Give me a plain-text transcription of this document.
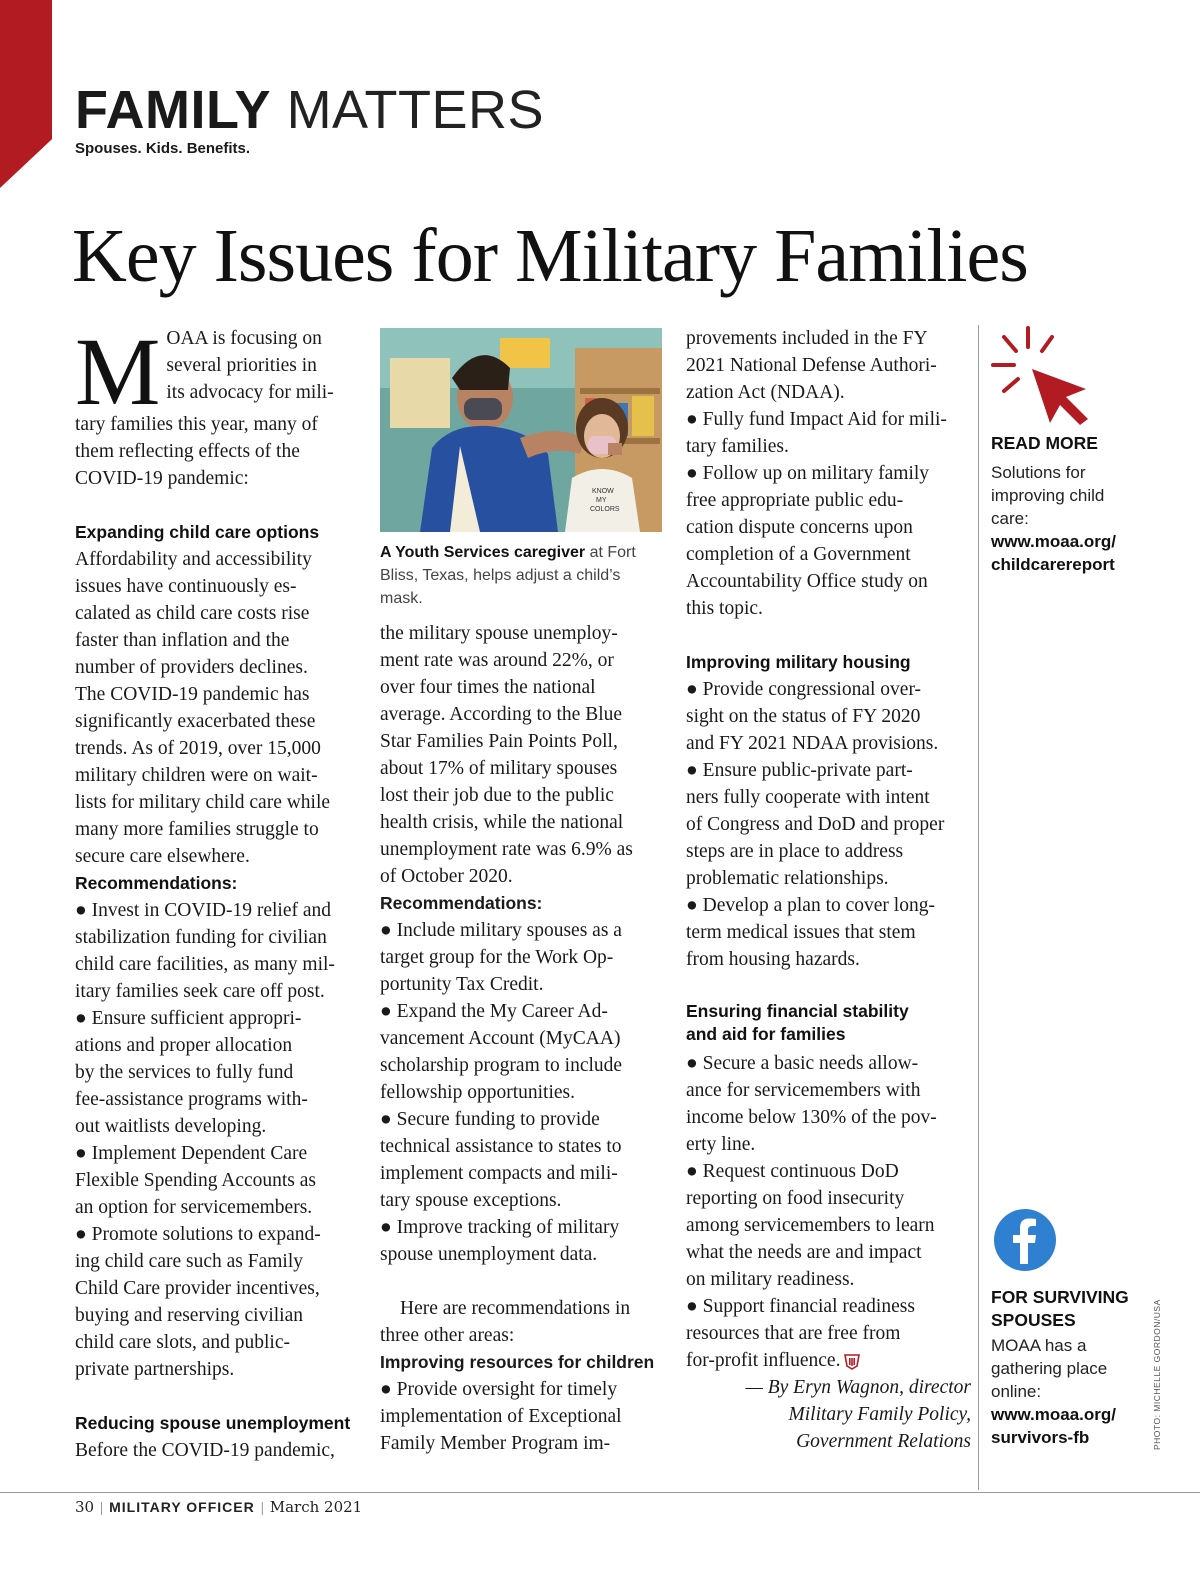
FAMILY MATTERS
Spouses. Kids. Benefits.
Key Issues for Military Families
M OAA is focusing on

several priorities in

its advocacy for mili-

tary families this year, many of

them reflecting effects of the

COVID-19 pandemic:

Expanding child care options

Affordability and accessibility

issues have continuously es-

calated as child care costs rise

faster than inflation and the

number of providers declines.

The COVID-19 pandemic has

significantly exacerbated these

trends. As of 2019, over 15,000

military children were on wait-

lists for military child care while

many more families struggle to

secure care elsewhere.

Recommendations:

● Invest in COVID-19 relief and

stabilization funding for civilian

child care facilities, as many mil-

itary families seek care off post.

● Ensure sufficient appropri-

ations and proper allocation

by the services to fully fund

fee-assistance programs with-

out waitlists developing.

● Implement Dependent Care

Flexible Spending Accounts as

an option for servicemembers.

● Promote solutions to expand-

ing child care such as Family

Child Care provider incentives,

buying and reserving civilian

child care slots, and public-

private partnerships.

Reducing spouse unemployment

Before the COVID-19 pandemic,

KNOW
MY
COLORS
A Youth Services caregiver at Fort Bliss, Texas, helps adjust a child’s mask.

the military spouse unemploy-

ment rate was around 22%, or

over four times the national

average. According to the Blue

Star Families Pain Points Poll,

about 17% of military spouses

lost their job due to the public

health crisis, while the national

unemployment rate was 6.9% as

of October 2020.

Recommendations:

● Include military spouses as a

target group for the Work Op-

portunity Tax Credit.

● Expand the My Career Ad-

vancement Account (MyCAA)

scholarship program to include

fellowship opportunities.

● Secure funding to provide

technical assistance to states to

implement compacts and mili-

tary spouse exceptions.

● Improve tracking of military

spouse unemployment data.

Here are recommendations in

three other areas:

Improving resources for children

● Provide oversight for timely

implementation of Exceptional

Family Member Program im-

provements included in the FY

2021 National Defense Authori-

zation Act (NDAA).

● Fully fund Impact Aid for mili-

tary families.

● Follow up on military family

free appropriate public edu-

cation dispute concerns upon

completion of a Government

Accountability Office study on

this topic.

Improving military housing

● Provide congressional over-

sight on the status of FY 2020

and FY 2021 NDAA provisions.

● Ensure public-private part-

ners fully cooperate with intent

of Congress and DoD and proper

steps are in place to address

problematic relationships.

● Develop a plan to cover long-

term medical issues that stem

from housing hazards.

Ensuring financial stability

and aid for families

● Secure a basic needs allow-

ance for servicemembers with

income below 130% of the pov-

erty line.

● Request continuous DoD

reporting on food insecurity

among servicemembers to learn

what the needs are and impact

on military readiness.

● Support financial readiness

resources that are free from

for-profit influence.

— By Eryn Wagnon, director

Military Family Policy,

Government Relations

READ MORE
Solutions for
improving child
care:
www.moaa.org/
childcarereport
FOR SURVIVING
SPOUSES
MOAA has a
gathering place
online:
www.moaa.org/
survivors-fb	PHOTO: MICHELLE GORDON/USA
30 | MILITARY OFFICER | March 2021
